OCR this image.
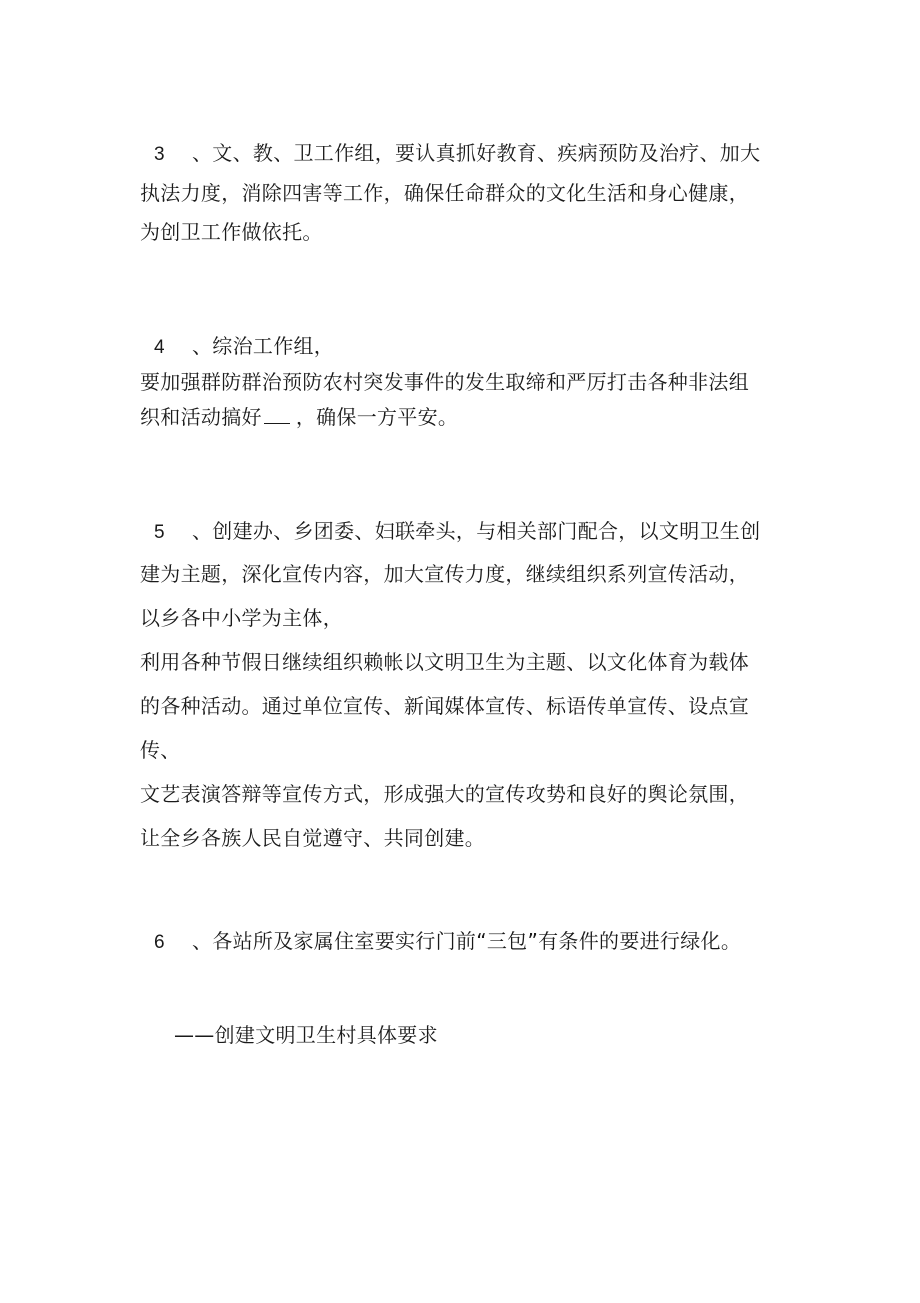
3 、文、教、卫工作组，要认真抓好教育、疾病预防及治疗、加大
执法力度，消除四害等工作，确保任命群众的文化生活和身心健康，
为创卫工作做依托。
4 、综治工作组，
要加强群防群治预防农村突发事件的发生取缔和严厉打击各种非法组
织和活动搞好 ，确保一方平安。
5 、创建办、乡团委、妇联牵头，与相关部门配合，以文明卫生创
建为主题，深化宣传内容，加大宣传力度，继续组织系列宣传活动，
以乡各中小学为主体，
利用各种节假日继续组织赖帐以文明卫生为主题、以文化体育为载体
的各种活动。通过单位宣传、新闻媒体宣传、标语传单宣传、设点宣
传、
文艺表演答辩等宣传方式，形成强大的宣传攻势和良好的舆论氛围，
让全乡各族人民自觉遵守、共同创建。
6 、各站所及家属住室要实行门前“三包”有条件的要进行绿化。
——创建文明卫生村具体要求
